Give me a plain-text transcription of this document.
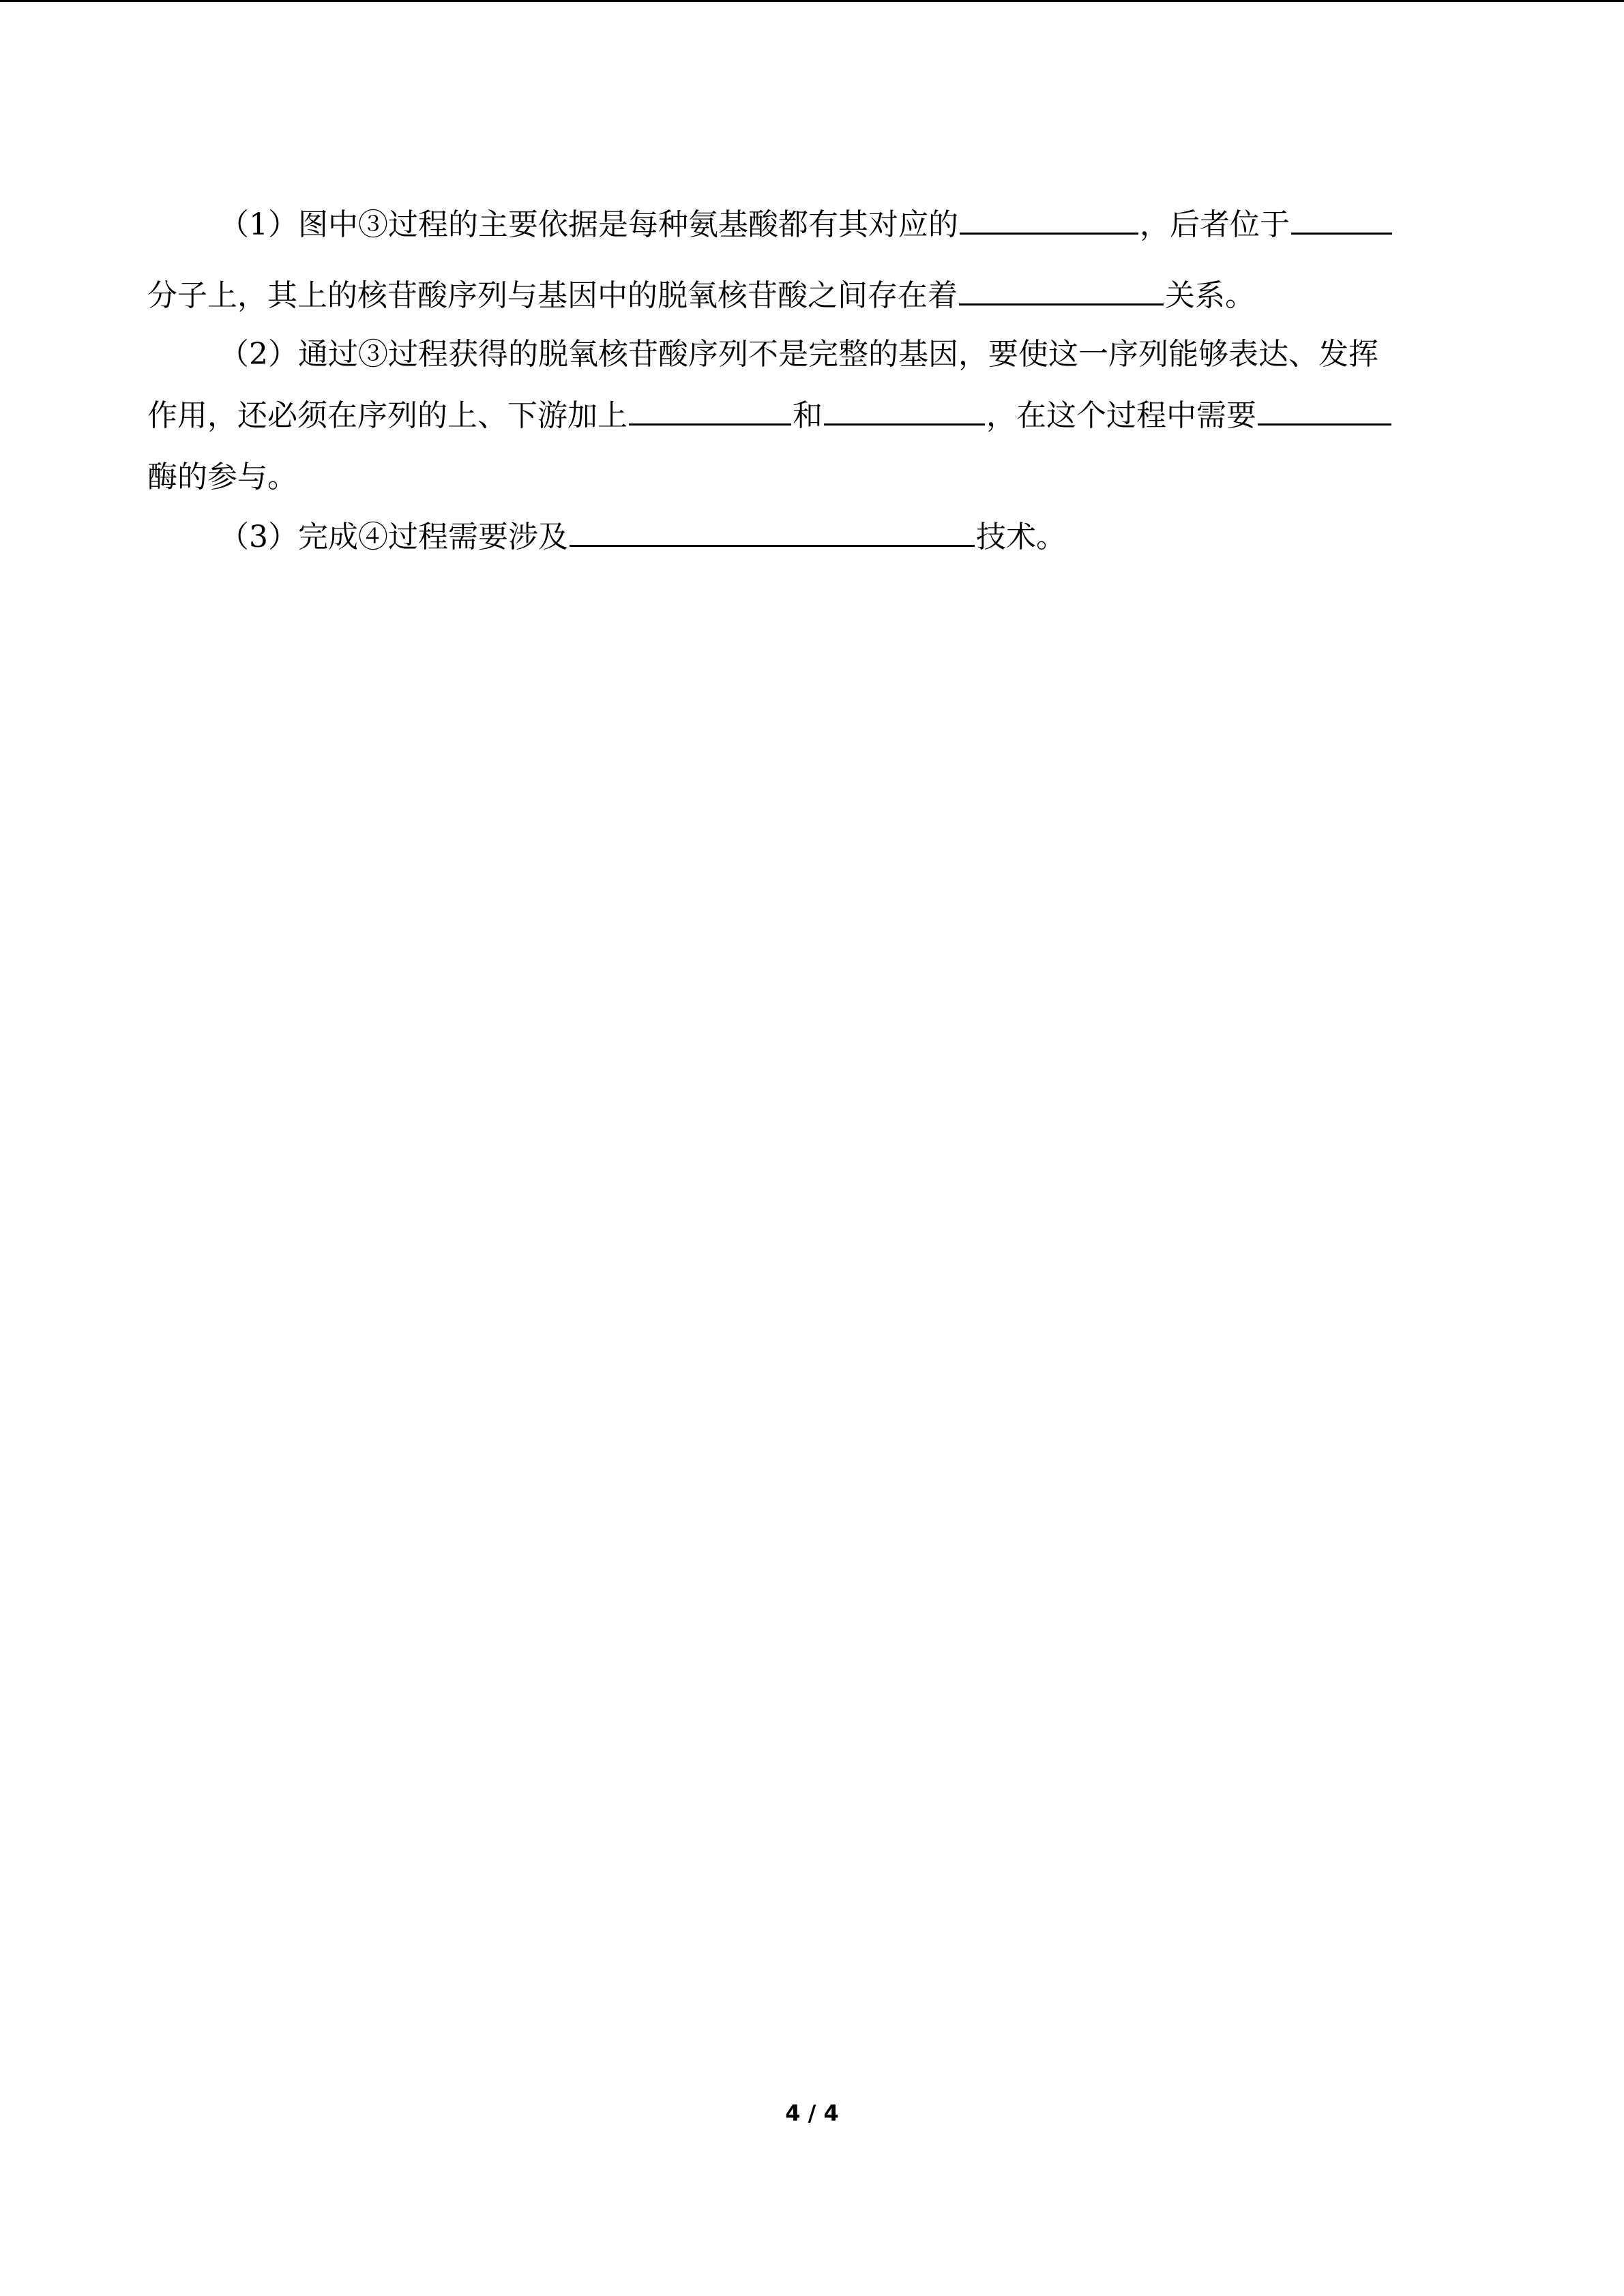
（1）图中③过程的主要依据是每种氨基酸都有其对应的	，后者位于
分子上，其上的核苷酸序列与基因中的脱氧核苷酸之间存在着	关系。
（2）通过③过程获得的脱氧核苷酸序列不是完整的基因，要使这一序列能够表达、发挥
作用，还必须在序列的上、下游加上	和	，在这个过程中需要
酶的参与。
（3）完成④过程需要涉及	技术。
4 / 4
